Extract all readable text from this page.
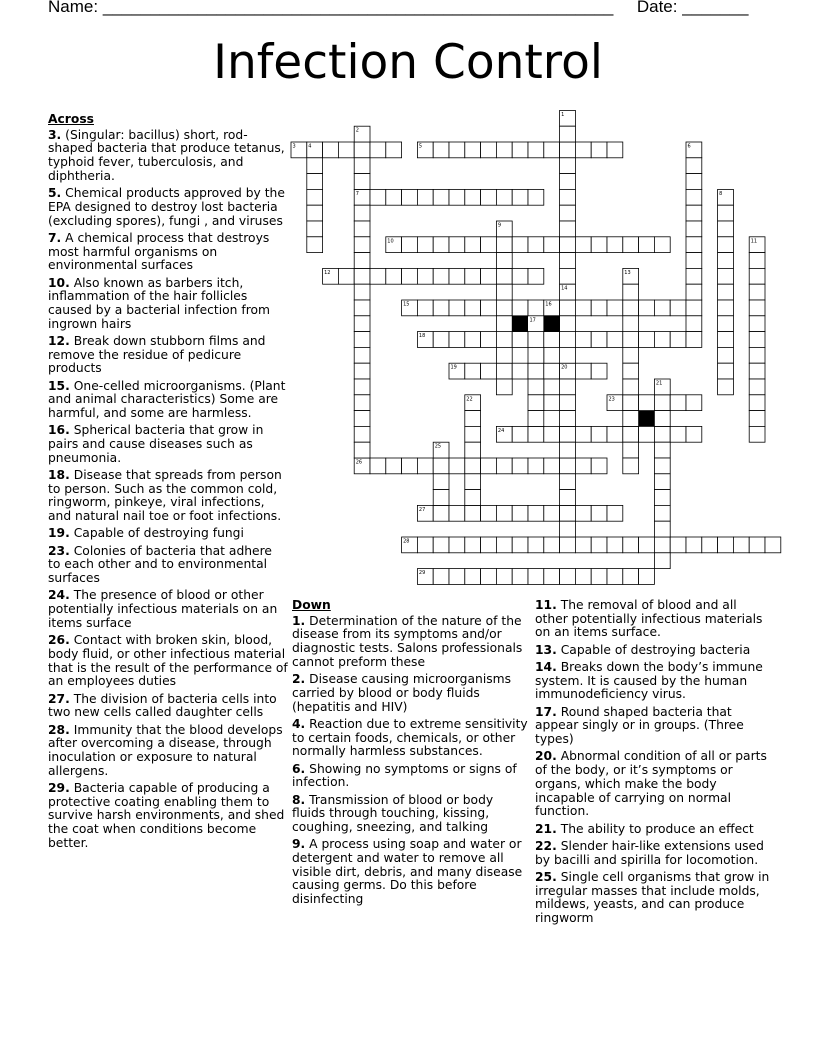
Name: ______________________________________________________ Date: _______
Infection Control
1
2
3	4	5	6
7	8
9
10	11
12	13
14
15	16
17
18
19	20
21
22	23
24
25
26
27
28
29
Across
3. (Singular: bacillus) short, rod-shaped bacteria that produce tetanus, typhoid fever, tuberculosis, and diphtheria.
5. Chemical products approved by the EPA designed to destroy lost bacteria (excluding spores), fungi , and viruses
7. A chemical process that destroys most harmful organisms on environmental surfaces
10. Also known as barbers itch, inflammation of the hair follicles caused by a bacterial infection from ingrown hairs
12. Break down stubborn films and remove the residue of pedicure products
15. One-celled microorganisms. (Plant and animal characteristics) Some are harmful, and some are harmless.
16. Spherical bacteria that grow in pairs and cause diseases such as pneumonia.
18. Disease that spreads from person to person. Such as the common cold, ringworm, pinkeye, viral infections, and natural nail toe or foot infections.
19. Capable of destroying fungi
23. Colonies of bacteria that adhere to each other and to environmental surfaces
24. The presence of blood or other potentially infectious materials on an items surface
26. Contact with broken skin, blood, body fluid, or other infectious material that is the result of the performance of an employees duties
27. The division of bacteria cells into two new cells called daughter cells
28. Immunity that the blood develops after overcoming a disease, through inoculation or exposure to natural allergens.
29. Bacteria capable of producing a protective coating enabling them to survive harsh environments, and shed the coat when conditions become better.
Down
1. Determination of the nature of the disease from its symptoms and/or diagnostic tests. Salons professionals cannot preform these
2. Disease causing microorganisms carried by blood or body fluids (hepatitis and HIV)
4. Reaction due to extreme sensitivity to certain foods, chemicals, or other normally harmless substances.
6. Showing no symptoms or signs of infection.
8. Transmission of blood or body fluids through touching, kissing, coughing, sneezing, and talking
9. A process using soap and water or detergent and water to remove all visible dirt, debris, and many disease causing germs. Do this before disinfecting
11. The removal of blood and all other potentially infectious materials on an items surface.
13. Capable of destroying bacteria
14. Breaks down the body’s immune system. It is caused by the human immunodeficiency virus.
17. Round shaped bacteria that appear singly or in groups. (Three types)
20. Abnormal condition of all or parts of the body, or it’s symptoms or organs, which make the body incapable of carrying on normal function.
21. The ability to produce an effect
22. Slender hair-like extensions used by bacilli and spirilla for locomotion.
25. Single cell organisms that grow in irregular masses that include molds, mildews, yeasts, and can produce ringworm
